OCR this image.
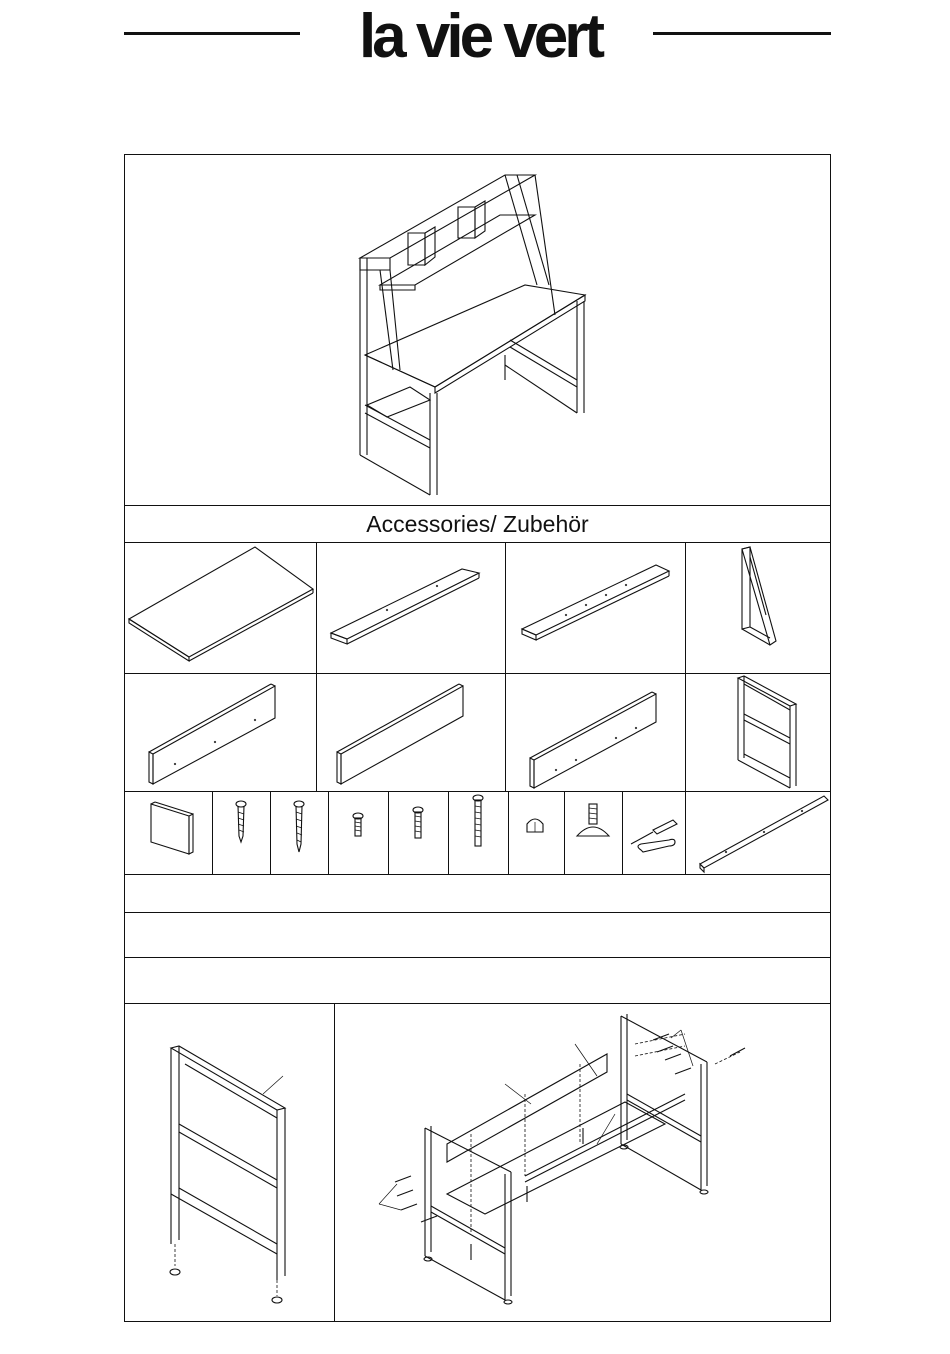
la vie vert
Accessories/ Zubehör
